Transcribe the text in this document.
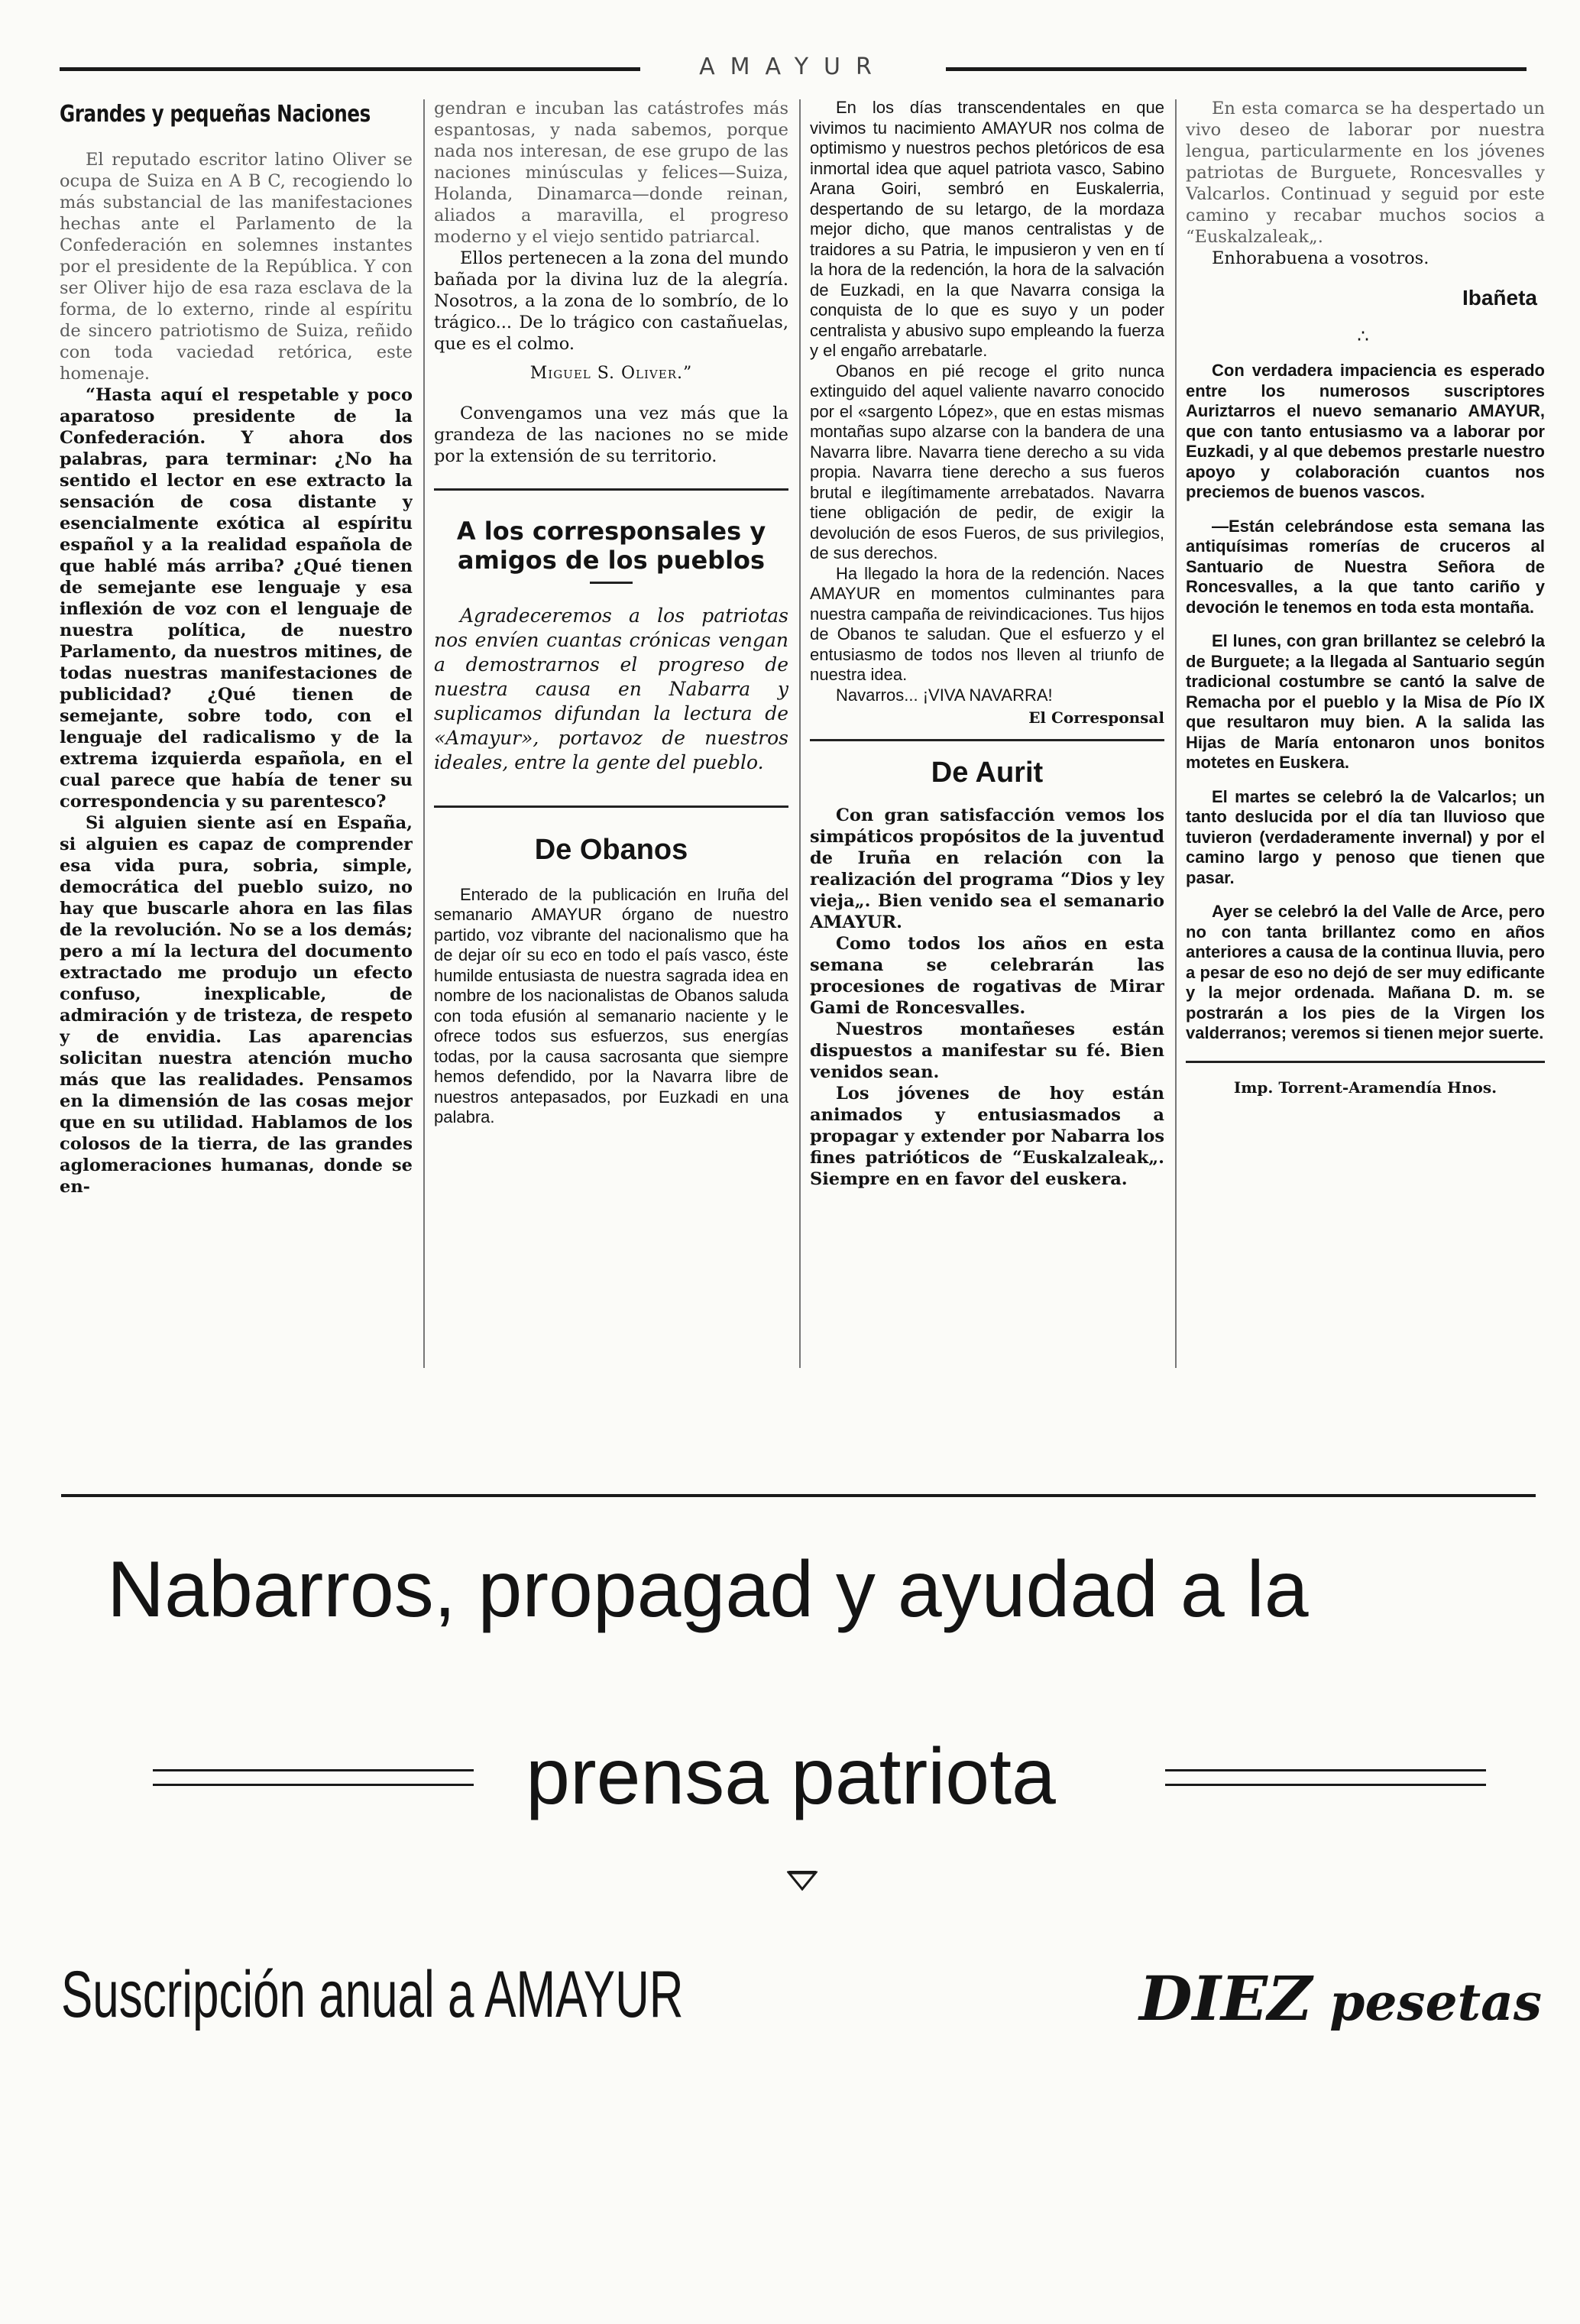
AMAYUR
Grandes y pequeñas Naciones

El reputado escritor latino Oliver se ocupa de Suiza en A B C, recogiendo lo más substancial de las manifestaciones hechas ante el Parlamento de la Confederación en solemnes instantes por el presidente de la República. Y con ser Oliver hijo de esa raza esclava de la forma, de lo externo, rinde al espíritu de sincero patriotismo de Suiza, reñido con toda vaciedad retórica, este homenaje.

“Hasta aquí el respetable y poco aparatoso presidente de la Confederación. Y ahora dos palabras, para terminar: ¿No ha sentido el lector en ese extracto la sensación de cosa distante y esencialmente exótica al espíritu español y a la realidad española de que hablé más arriba? ¿Qué tienen de semejante ese lenguaje y esa inflexión de voz con el lenguaje de nuestra política, de nuestro Parlamento, da nuestros mitines, de todas nuestras manifestaciones de publicidad? ¿Qué tienen de semejante, sobre todo, con el lenguaje del radicalismo y de la extrema izquierda española, en el cual parece que había de tener su correspondencia y su parentesco?

Si alguien siente así en España, si alguien es capaz de comprender esa vida pura, sobria, simple, democrática del pueblo suizo, no hay que buscarle ahora en las filas de la revolución. No se a los demás; pero a mí la lectura del documento extractado me produjo un efecto confuso, inexplicable, de admiración y de tristeza, de respeto y de envidia. Las aparencias solicitan nuestra atención mucho más que las realidades. Pensamos en la dimensión de las cosas mejor que en su utilidad. Hablamos de los colosos de la tierra, de las grandes aglomeraciones humanas, donde se en-

gendran e incuban las catástrofes más espantosas, y nada sabemos, porque nada nos interesan, de ese grupo de las naciones minúsculas y felices—Suiza, Holanda, Dinamarca—donde reinan, aliados a maravilla, el progreso moderno y el viejo sentido patriarcal.

Ellos pertenecen a la zona del mundo bañada por la divina luz de la alegría. Nosotros, a la zona de lo sombrío, de lo trágico... De lo trágico con castañuelas, que es el colmo.

Miguel S. Oliver.”

Convengamos una vez más que la grandeza de las naciones no se mide por la extensión de su territorio.

A los corresponsales y amigos de los pueblos

Agradeceremos a los patriotas nos envíen cuantas crónicas vengan a demostrarnos el progreso de nuestra causa en Nabarra y suplicamos difundan la lectura de «Amayur», portavoz de nuestros ideales, entre la gente del pueblo.

De Obanos

Enterado de la publicación en Iruña del semanario AMAYUR órgano de nuestro partido, voz vibrante del nacionalismo que ha de dejar oír su eco en todo el país vasco, éste humilde entusiasta de nuestra sagrada idea en nombre de los nacionalistas de Obanos saluda con toda efusión al semanario naciente y le ofrece todos sus esfuerzos, sus energías todas, por la causa sacrosanta que siempre hemos defendido, por la Navarra libre de nuestros antepasados, por Euzkadi en una palabra.

En los días transcendentales en que vivimos tu nacimiento AMAYUR nos colma de optimismo y nuestros pechos pletóricos de esa inmortal idea que aquel patriota vasco, Sabino Arana Goiri, sembró en Euskalerria, despertando de su letargo, de la mordaza mejor dicho, que manos centralistas y de traidores a su Patria, le impusieron y ven en tí la hora de la redención, la hora de la salvación de Euzkadi, en la que Navarra consiga la conquista de lo que es suyo y un poder centralista y abusivo supo empleando la fuerza y el engaño arrebatarle.

Obanos en pié recoge el grito nunca extinguido del aquel valiente navarro conocido por el «sargento López», que en estas mismas montañas supo alzarse con la bandera de una Navarra libre. Navarra tiene derecho a su vida propia. Navarra tiene derecho a sus fueros brutal e ilegítimamente arrebatados. Navarra tiene obligación de pedir, de exigir la devolución de esos Fueros, de sus privilegios, de sus derechos.

Ha llegado la hora de la redención. Naces AMAYUR en momentos culminantes para nuestra campaña de reivindicaciones. Tus hijos de Obanos te saludan. Que el esfuerzo y el entusiasmo de todos nos lleven al triunfo de nuestra idea.

Navarros... ¡VIVA NAVARRA!

El Corresponsal
De Aurit

Con gran satisfacción vemos los simpáticos propósitos de la juventud de Iruña en relación con la realización del programa “Dios y ley vieja„. Bien venido sea el semanario AMAYUR.

Como todos los años en esta semana se celebrarán las procesiones de rogativas de Mirar Gami de Roncesvalles.

Nuestros montañeses están dispuestos a manifestar su fé. Bien venidos sean.

Los jóvenes de hoy están animados y entusiasmados a propagar y extender por Nabarra los fines patrióticos de “Euskalzaleak„. Siempre en en favor del euskera.

En esta comarca se ha despertado un vivo deseo de laborar por nuestra lengua, particularmente en los jóvenes patriotas de Burguete, Roncesvalles y Valcarlos. Continuad y seguid por este camino y recabar muchos socios a “Euskalzaleak„.

Enhorabuena a vosotros.

Ibañeta
∴

Con verdadera impaciencia es esperado entre los numerosos suscriptores Auriztarros el nuevo semanario AMAYUR, que con tanto entusiasmo va a laborar por Euzkadi, y al que debemos prestarle nuestro apoyo y colaboración cuantos nos preciemos de buenos vascos.

—Están celebrándose esta semana las antiquísimas romerías de cruceros al Santuario de Nuestra Señora de Roncesvalles, a la que tanto cariño y devoción le tenemos en toda esta montaña.

El lunes, con gran brillantez se celebró la de Burguete; a la llegada al Santuario según tradicional costumbre se cantó la salve de Remacha por el pueblo y la Misa de Pío IX que resultaron muy bien. A la salida las Hijas de María entonaron unos bonitos motetes en Euskera.

El martes se celebró la de Valcarlos; un tanto deslucida por el día tan lluvioso que tuvieron (verdaderamente invernal) y por el camino largo y penoso que tienen que pasar.

Ayer se celebró la del Valle de Arce, pero no con tanta brillantez como en años anteriores a causa de la continua lluvia, pero a pesar de eso no dejó de ser muy edificante y la mejor ordenada. Mañana D. m. se postrarán a los pies de la Virgen los valderranos; veremos si tienen mejor suerte.

Imp. Torrent-Aramendía Hnos.
Nabarros, propagad y ayudad a la
prensa patriota
Suscripción anual a AMAYUR	DIEZ pesetas
